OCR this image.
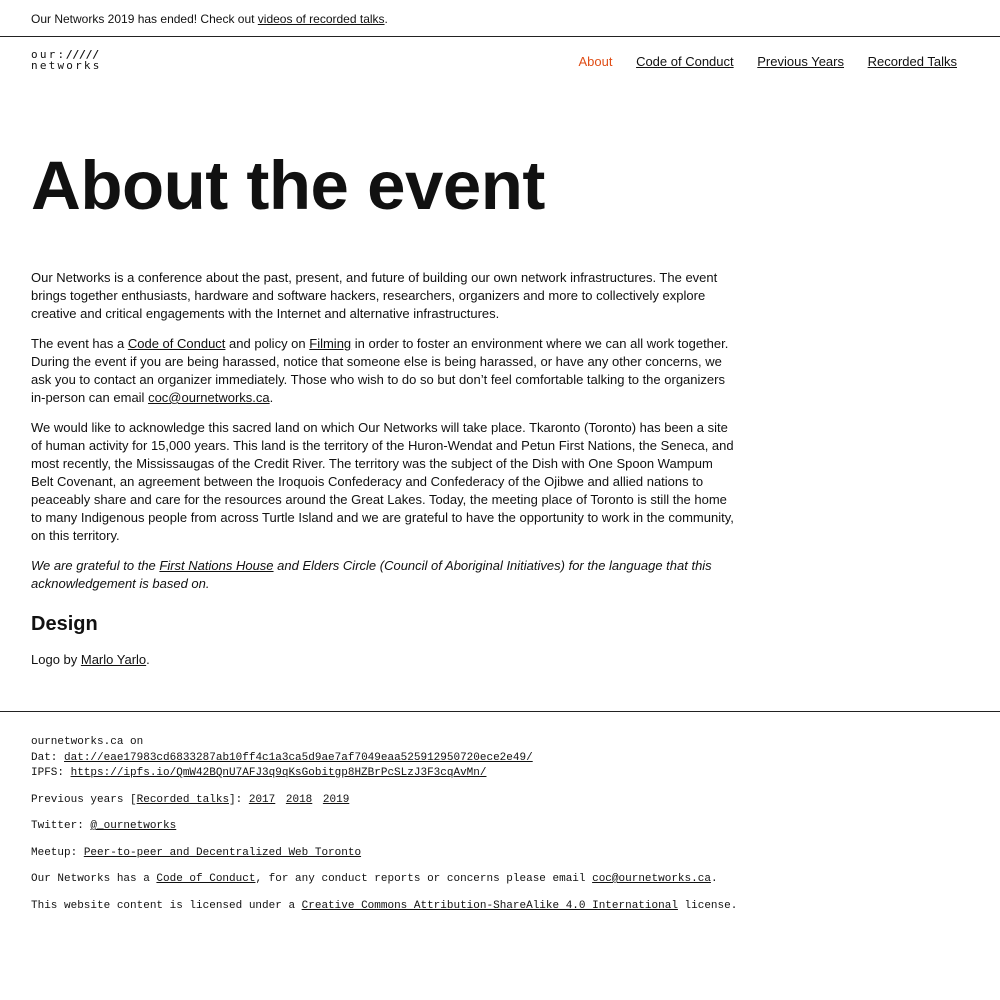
Our Networks 2019 has ended! Check out videos of recorded talks.
our://///
networks	About Code of Conduct Previous Years Recorded Talks
About the event

Our Networks is a conference about the past, present, and future of building our own network infrastructures. The event brings together enthusiasts, hardware and software hackers, researchers, organizers and more to collectively explore creative and critical engagements with the Internet and alternative infrastructures.

The event has a Code of Conduct and policy on Filming in order to foster an environment where we can all work together. During the event if you are being harassed, notice that someone else is being harassed, or have any other concerns, we ask you to contact an organizer immediately. Those who wish to do so but don’t feel comfortable talking to the organizers in-person can email coc@ournetworks.ca.

We would like to acknowledge this sacred land on which Our Networks will take place. Tkaronto (Toronto) has been a site of human activity for 15,000 years. This land is the territory of the Huron-Wendat and Petun First Nations, the Seneca, and most recently, the Mississaugas of the Credit River. The territory was the subject of the Dish with One Spoon Wampum Belt Covenant, an agreement between the Iroquois Confederacy and Confederacy of the Ojibwe and allied nations to peaceably share and care for the resources around the Great Lakes. Today, the meeting place of Toronto is still the home to many Indigenous people from across Turtle Island and we are grateful to have the opportunity to work in the community, on this territory.

We are grateful to the First Nations House and Elders Circle (Council of Aboriginal Initiatives) for the language that this acknowledgement is based on.

Design

Logo by Marlo Yarlo.

ournetworks.ca on
Dat: dat://eae17983cd6833287ab10ff4c1a3ca5d9ae7af7049eaa525912950720ece2e49/
IPFS: https://ipfs.io/QmW42BQnU7AFJ3q9qKsGobitgp8HZBrPcSLzJ3F3cqAvMn/
Previous years [Recorded talks]: 2017 2018 2019
Twitter: @_ournetworks
Meetup: Peer-to-peer and Decentralized Web Toronto
Our Networks has a Code of Conduct, for any conduct reports or concerns please email coc@ournetworks.ca.
This website content is licensed under a Creative Commons Attribution-ShareAlike 4.0 International license.
